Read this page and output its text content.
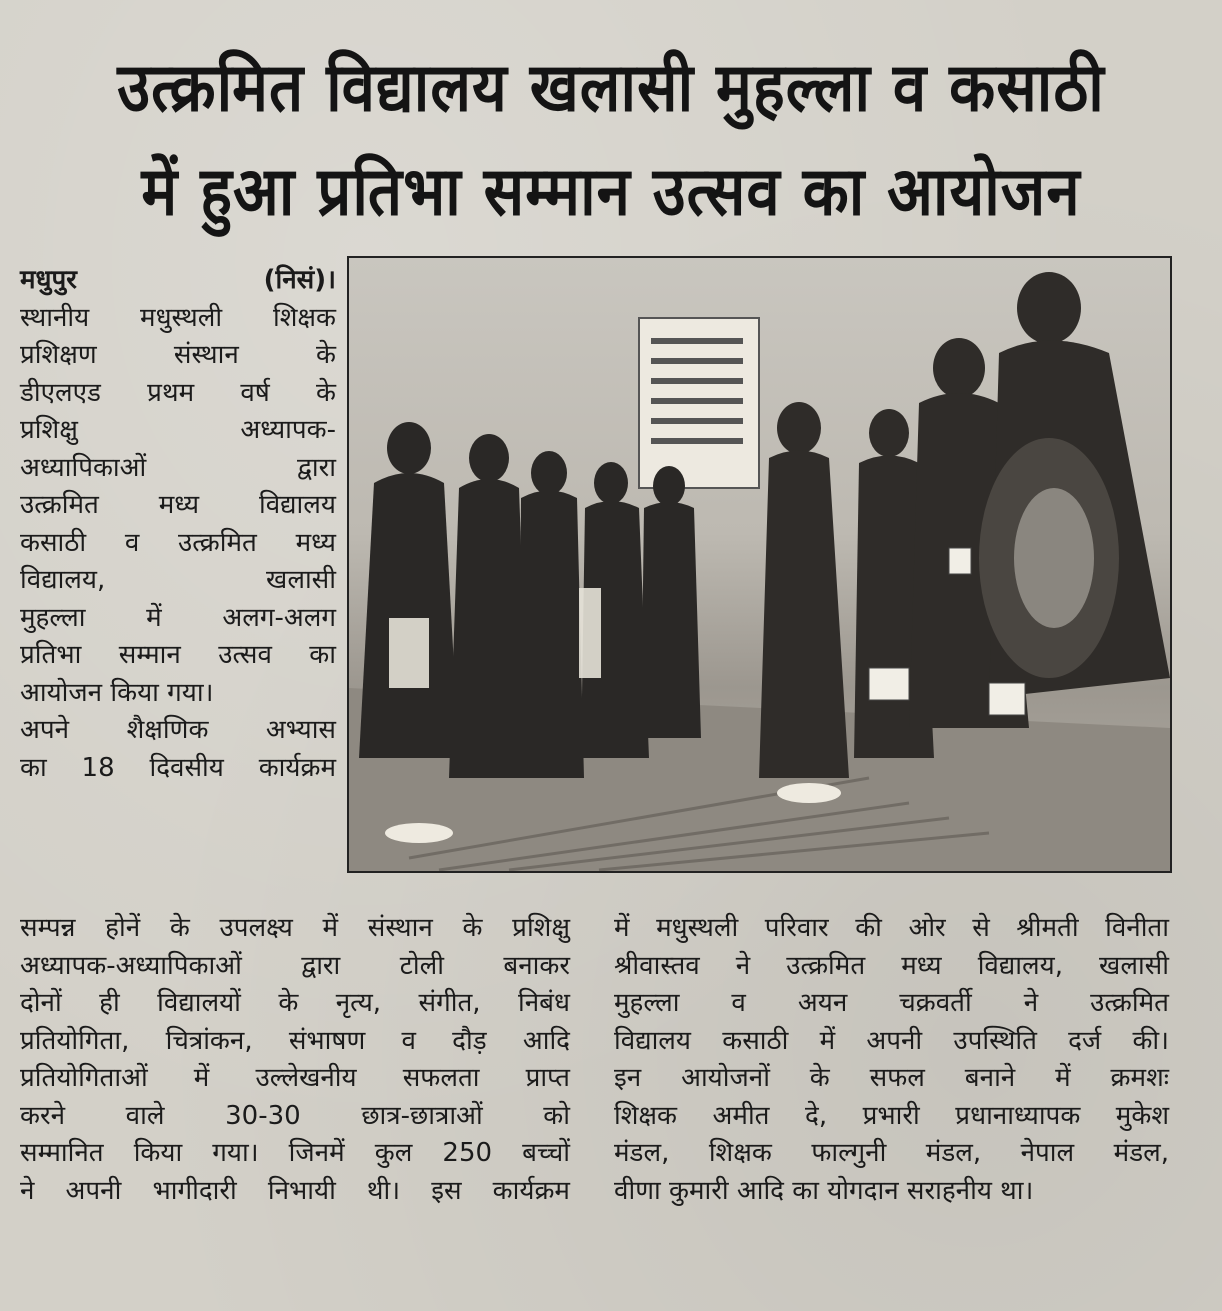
उत्क्रमित विद्यालय खलासी मुहल्ला व कसाठी
में हुआ प्रतिभा सम्मान उत्सव का आयोजन

मधुपुर (निसं)।

स्थानीय मधुस्थली शिक्षक

प्रशिक्षण संस्थान के

डीएलएड प्रथम वर्ष के

प्रशिक्षु अध्यापक-

अध्यापिकाओं द्वारा

उत्क्रमित मध्य विद्यालय

कसाठी व उत्क्रमित मध्य

विद्यालय, खलासी

मुहल्ला में अलग-अलग

प्रतिभा सम्मान उत्सव का

आयोजन किया गया।

अपने शैक्षणिक अभ्यास

का 18 दिवसीय कार्यक्रम

सम्पन्न होनें के उपलक्ष्य में संस्थान के प्रशिक्षु

अध्यापक-अध्यापिकाओं द्वारा टोली बनाकर

दोनों ही विद्यालयों के नृत्य, संगीत, निबंध

प्रतियोगिता, चित्रांकन, संभाषण व दौड़ आदि

प्रतियोगिताओं में उल्लेखनीय सफलता प्राप्त

करने वाले 30-30 छात्र-छात्राओं को

सम्मानित किया गया। जिनमें कुल 250 बच्चों

ने अपनी भागीदारी निभायी थी। इस कार्यक्रम

में मधुस्थली परिवार की ओर से श्रीमती विनीता

श्रीवास्तव ने उत्क्रमित मध्य विद्यालय, खलासी

मुहल्ला व अयन चक्रवर्ती ने उत्क्रमित

विद्यालय कसाठी में अपनी उपस्थिति दर्ज की।

इन आयोजनों के सफल बनाने में क्रमशः

शिक्षक अमीत दे, प्रभारी प्रधानाध्यापक मुकेश

मंडल, शिक्षक फाल्गुनी मंडल, नेपाल मंडल,

वीणा कुमारी आदि का योगदान सराहनीय था।
